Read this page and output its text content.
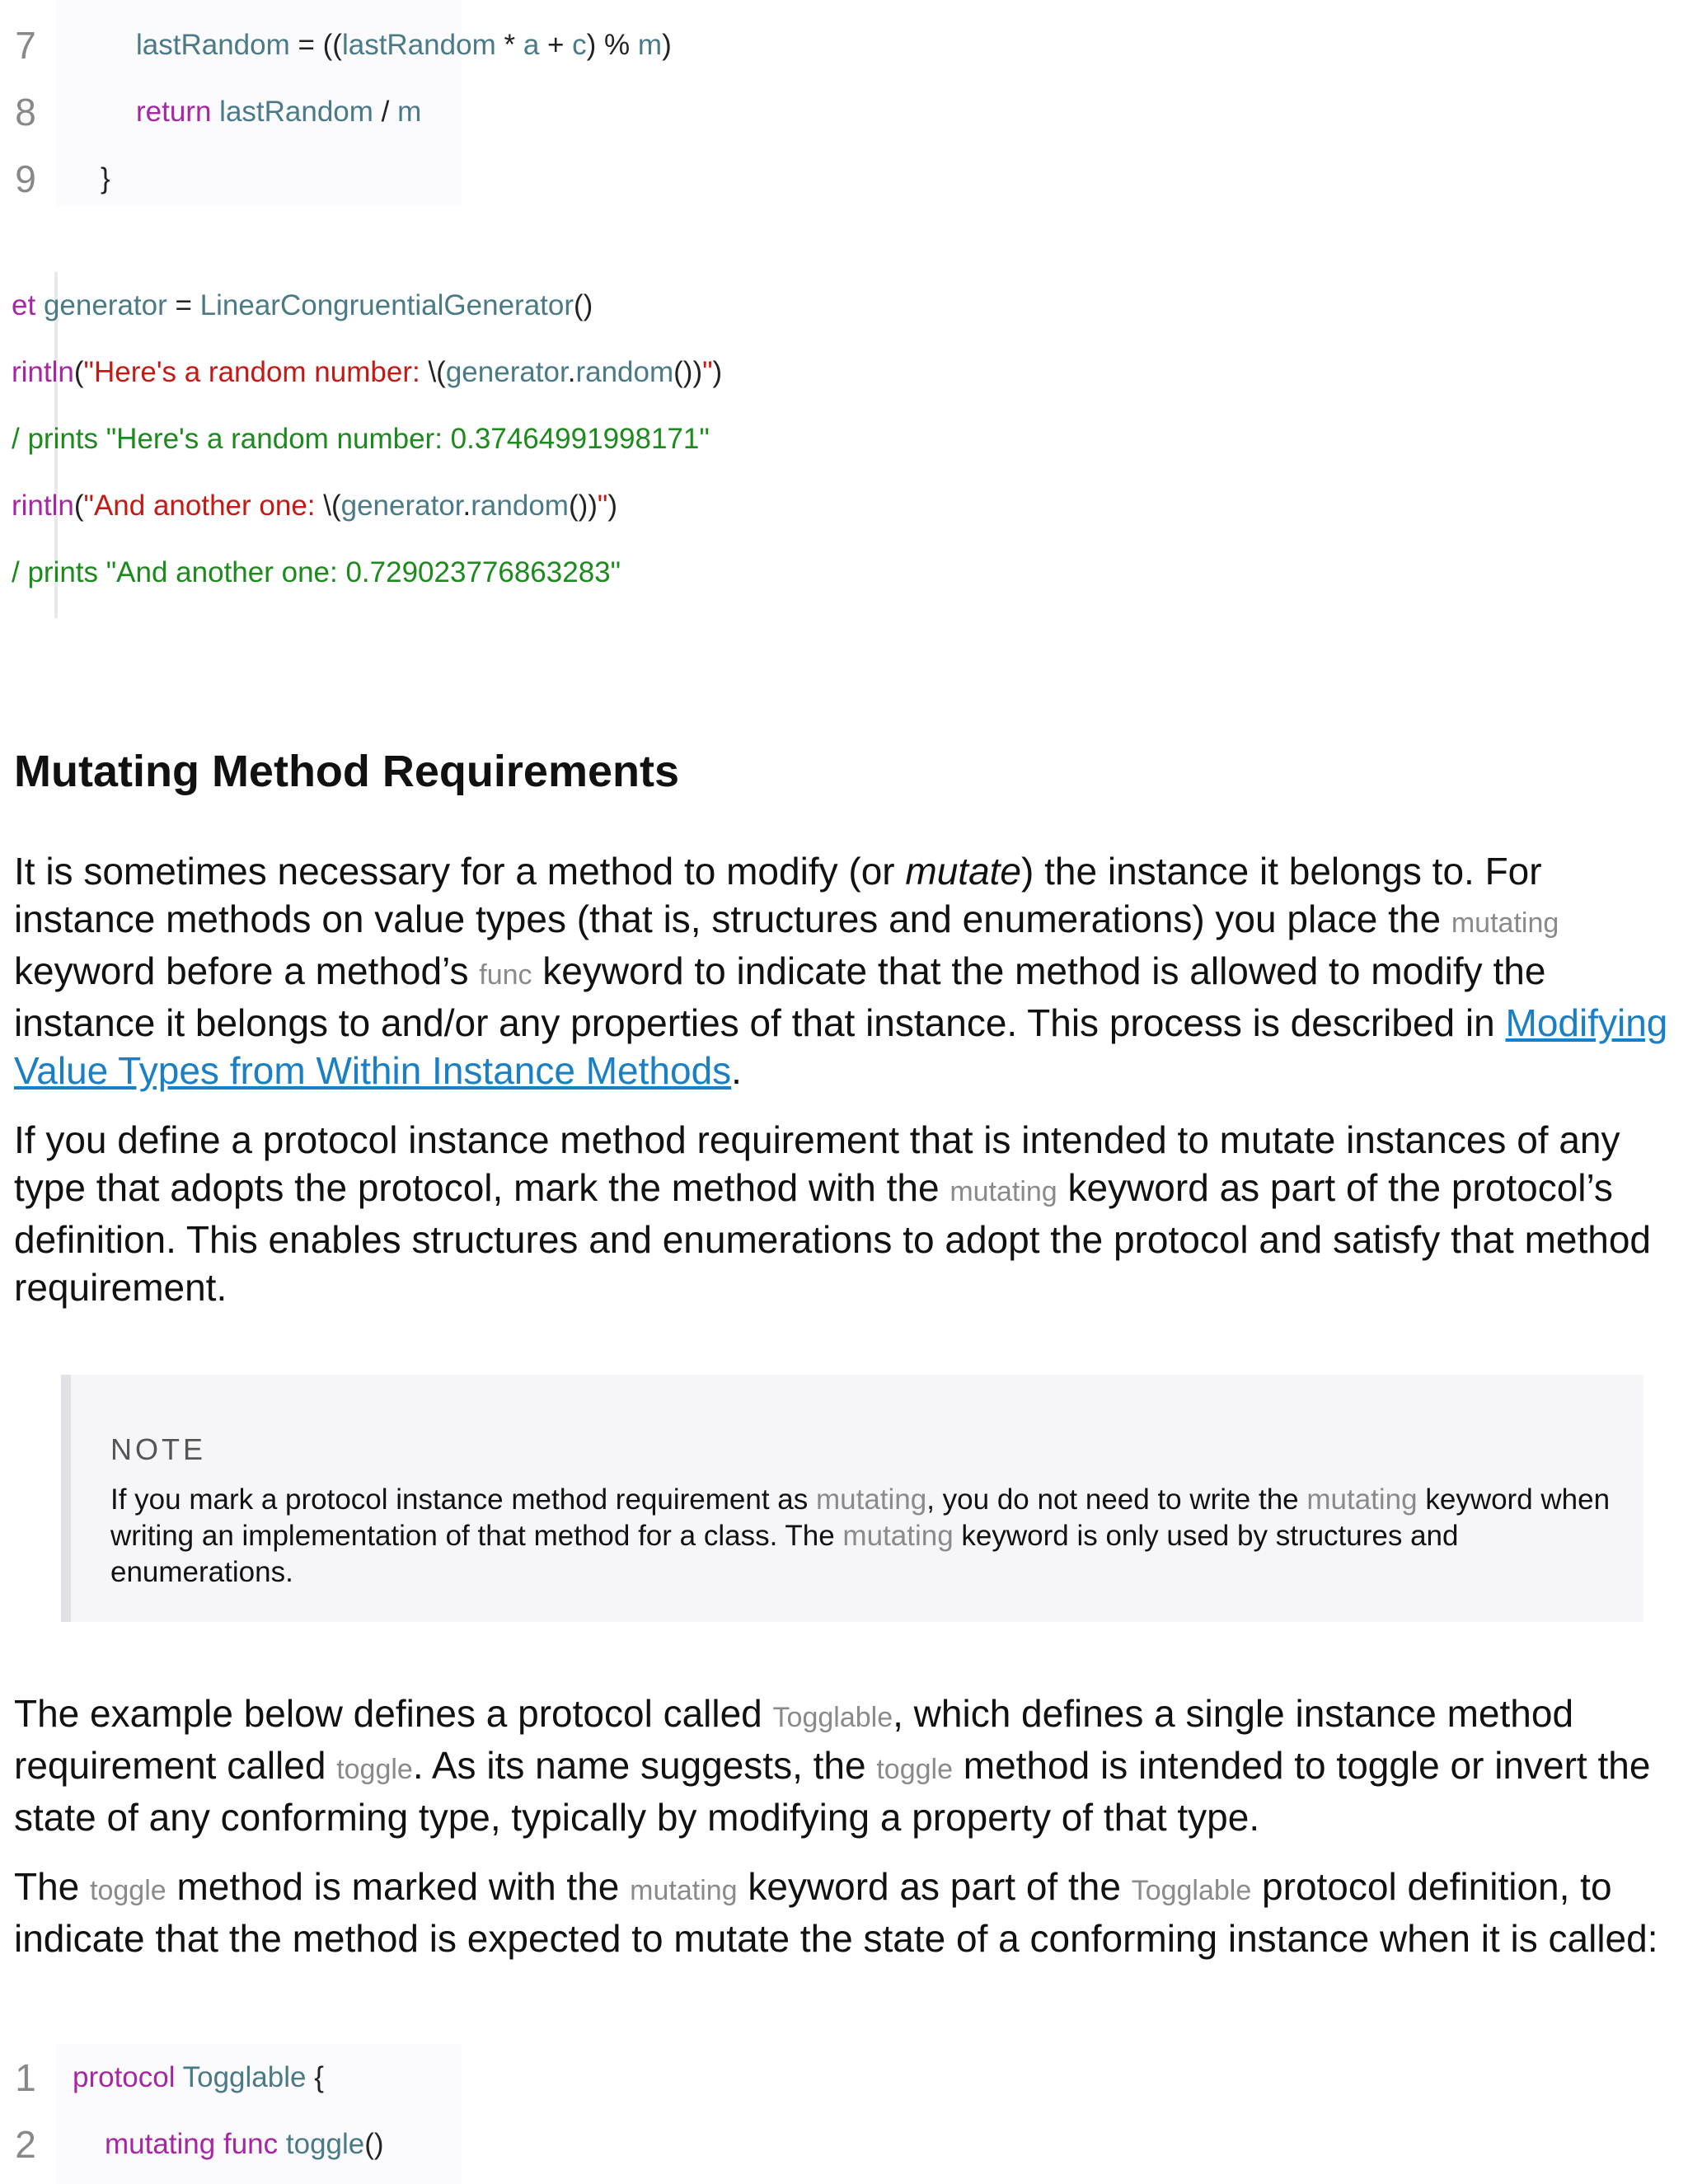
7	lastRandom = ((lastRandom * a + c) % m)
8	return lastRandom / m
9	}
et generator = LinearCongruentialGenerator()
rintln("Here's a random number: \(generator.random())")
/ prints "Here's a random number: 0.37464991998171"
rintln("And another one: \(generator.random())")
/ prints "And another one: 0.729023776863283"
Mutating Method Requirements

It is sometimes necessary for a method to modify (or mutate) the instance it belongs to. For instance methods on value types (that is, structures and enumerations) you place the mutating keyword before a method’s func keyword to indicate that the method is allowed to modify the instance it belongs to and/or any properties of that instance. This process is described in Modifying Value Types from Within Instance Methods.

If you define a protocol instance method requirement that is intended to mutate instances of any type that adopts the protocol, mark the method with the mutating keyword as part of the protocol’s definition. This enables structures and enumerations to adopt the protocol and satisfy that method requirement.

NOTE
If you mark a protocol instance method requirement as mutating, you do not need to write the mutating keyword when writing an implementation of that method for a class. The mutating keyword is only used by structures and enumerations.

The example below defines a protocol called Togglable, which defines a single instance method requirement called toggle. As its name suggests, the toggle method is intended to toggle or invert the state of any conforming type, typically by modifying a property of that type.

The toggle method is marked with the mutating keyword as part of the Togglable protocol definition, to indicate that the method is expected to mutate the state of a conforming instance when it is called:

1	protocol Togglable {
2	mutating func toggle()
